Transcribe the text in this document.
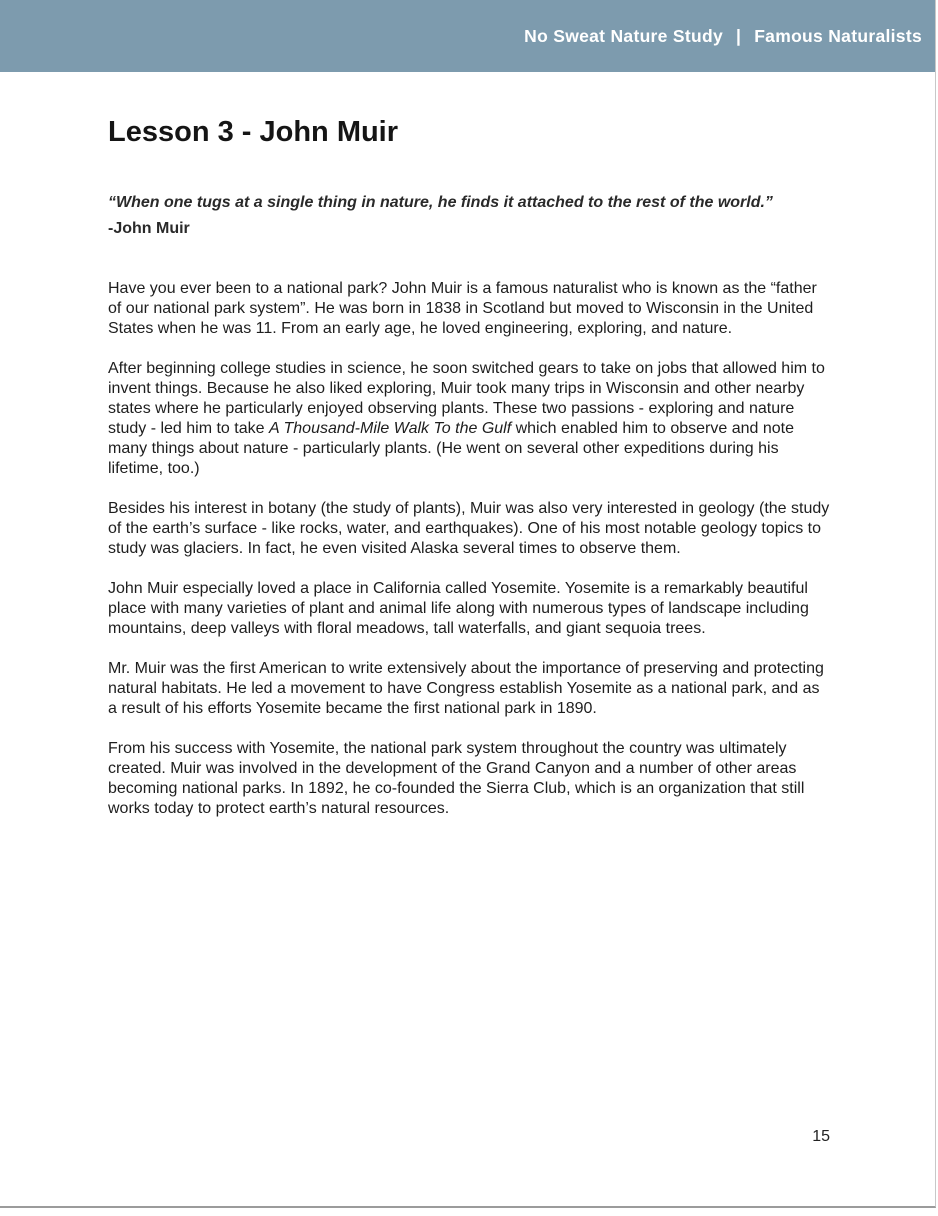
No Sweat Nature Study | Famous Naturalists
Lesson 3 - John Muir

“When one tugs at a single thing in nature, he finds it attached to the rest of the world.”

-John Muir

Have you ever been to a national park? John Muir is a famous naturalist who is known as the “father of our national park system”. He was born in 1838 in Scotland but moved to Wisconsin in the United States when he was 11. From an early age, he loved engineering, exploring, and nature.

After beginning college studies in science, he soon switched gears to take on jobs that allowed him to invent things. Because he also liked exploring, Muir took many trips in Wisconsin and other nearby states where he particularly enjoyed observing plants. These two passions - exploring and nature study - led him to take A Thousand-Mile Walk To the Gulf which enabled him to observe and note many things about nature - particularly plants. (He went on several other expeditions during his lifetime, too.)

Besides his interest in botany (the study of plants), Muir was also very interested in geology (the study of the earth’s surface - like rocks, water, and earthquakes). One of his most notable geology topics to study was glaciers. In fact, he even visited Alaska several times to observe them.

John Muir especially loved a place in California called Yosemite. Yosemite is a remarkably beautiful place with many varieties of plant and animal life along with numerous types of landscape including mountains, deep valleys with floral meadows, tall waterfalls, and giant sequoia trees.

Mr. Muir was the first American to write extensively about the importance of preserving and protecting natural habitats. He led a movement to have Congress establish Yosemite as a national park, and as a result of his efforts Yosemite became the first national park in 1890.

From his success with Yosemite, the national park system throughout the country was ultimately created. Muir was involved in the development of the Grand Canyon and a number of other areas becoming national parks. In 1892, he co-founded the Sierra Club, which is an organization that still works today to protect earth’s natural resources.

15
